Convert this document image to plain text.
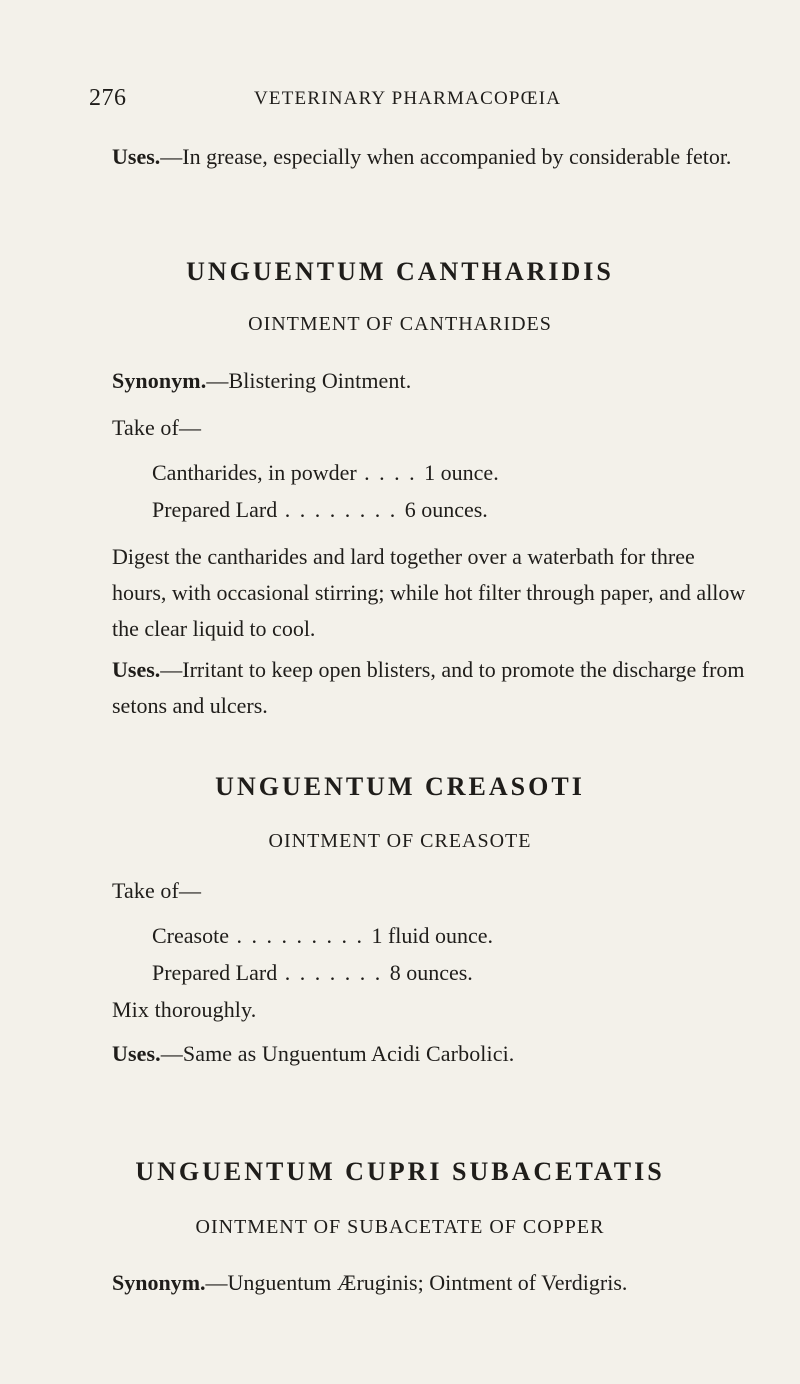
276	VETERINARY PHARMACOPŒIA
Uses.—In grease, especially when accompanied by considerable fetor.
UNGUENTUM CANTHARIDIS
OINTMENT OF CANTHARIDES
Synonym.—Blistering Ointment.
Take of—
Cantharides, in powder . . . . 1 ounce.
Prepared Lard . . . . . . . . 6 ounces.
Digest the cantharides and lard together over a waterbath for three hours, with occasional stirring; while hot filter through paper, and allow the clear liquid to cool.
Uses.—Irritant to keep open blisters, and to promote the discharge from setons and ulcers.
UNGUENTUM CREASOTI
OINTMENT OF CREASOTE
Take of—
Creasote . . . . . . . . . 1 fluid ounce.
Prepared Lard . . . . . . . 8 ounces.
Mix thoroughly.
Uses.—Same as Unguentum Acidi Carbolici.
UNGUENTUM CUPRI SUBACETATIS
OINTMENT OF SUBACETATE OF COPPER
Synonym.—Unguentum Æruginis; Ointment of Verdigris.
